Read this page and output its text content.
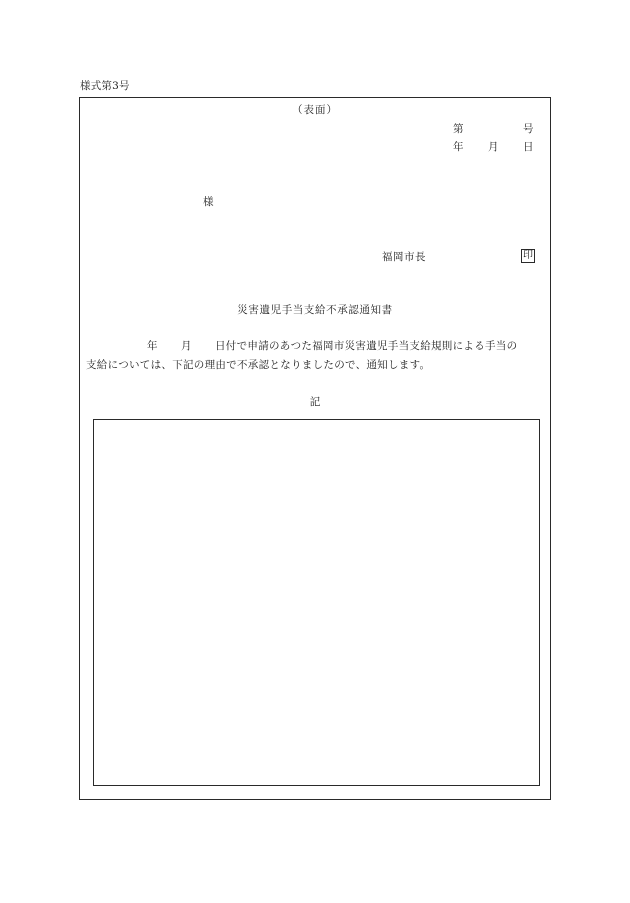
様式第3号
（表面）
第	号
年 月 日
様
福岡市長	印
災害遺児手当支給不承認通知書
年 月 日付で申請のあつた福岡市災害遺児手当支給規則による手当の
支給については、下記の理由で不承認となりましたので、通知します。
記
